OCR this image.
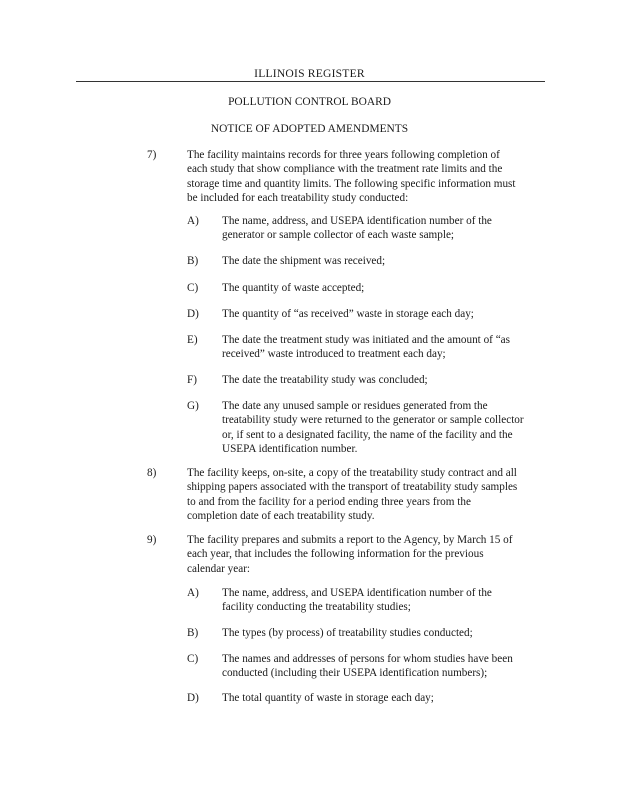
ILLINOIS REGISTER
POLLUTION CONTROL BOARD
NOTICE OF ADOPTED AMENDMENTS
7)	The facility maintains records for three years following completion of
each study that show compliance with the treatment rate limits and the
storage time and quantity limits. The following specific information must
be included for each treatability study conducted:
A) The name, address, and USEPA identification number of the
generator or sample collector of each waste sample;
B) The date the shipment was received;
C) The quantity of waste accepted;
D) The quantity of “as received” waste in storage each day;
E) The date the treatment study was initiated and the amount of “as
received” waste introduced to treatment each day;
F) The date the treatability study was concluded;
G) The date any unused sample or residues generated from the
treatability study were returned to the generator or sample collector
or, if sent to a designated facility, the name of the facility and the
USEPA identification number.
8)	The facility keeps, on-site, a copy of the treatability study contract and all
shipping papers associated with the transport of treatability study samples
to and from the facility for a period ending three years from the
completion date of each treatability study.
9)	The facility prepares and submits a report to the Agency, by March 15 of
each year, that includes the following information for the previous
calendar year:
A) The name, address, and USEPA identification number of the
facility conducting the treatability studies;
B) The types (by process) of treatability studies conducted;
C) The names and addresses of persons for whom studies have been
conducted (including their USEPA identification numbers);
D) The total quantity of waste in storage each day;
